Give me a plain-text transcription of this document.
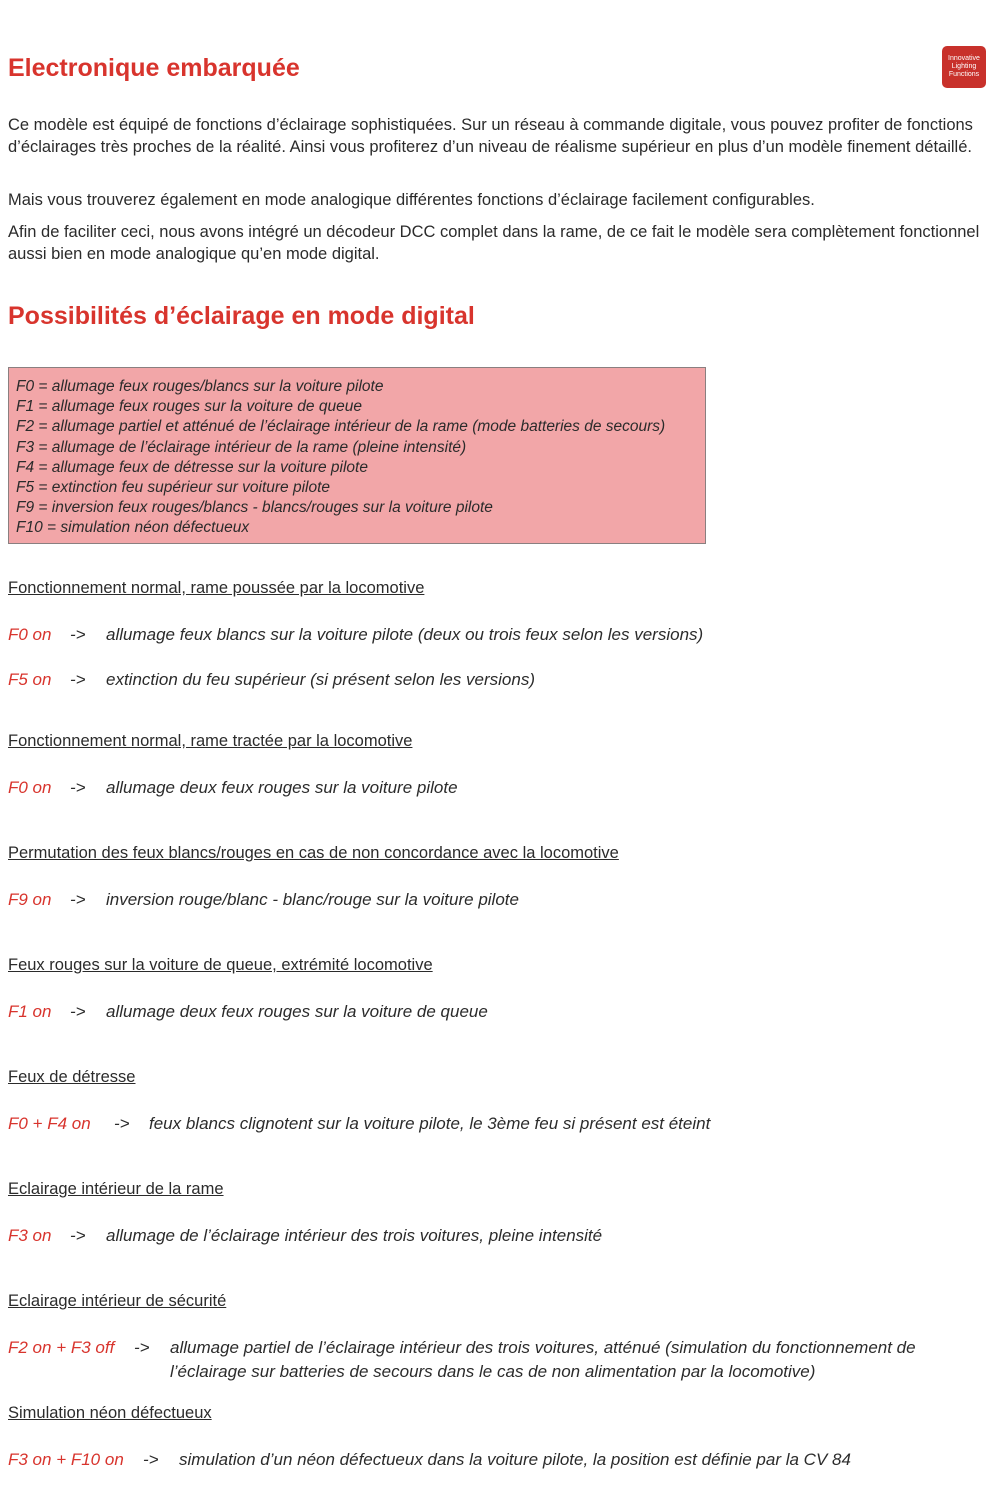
Innovative
Lighting
Functions
Electronique embarquée

Ce modèle est équipé de fonctions d’éclairage sophistiquées. Sur un réseau à commande digitale, vous pouvez profiter de fonctions d’éclairages très proches de la réalité. Ainsi vous profiterez d’un niveau de réalisme supérieur en plus d’un modèle finement détaillé.

Mais vous trouverez également en mode analogique différentes fonctions d’éclairage facilement configurables.

Afin de faciliter ceci, nous avons intégré un décodeur DCC complet dans la rame, de ce fait le modèle sera complètement fonctionnel aussi bien en mode analogique qu’en mode digital.

Possibilités d’éclairage en mode digital
F0 = allumage feux rouges/blancs sur la voiture pilote
F1 = allumage feux rouges sur la voiture de queue
F2 = allumage partiel et atténué de l’éclairage intérieur de la rame (mode batteries de secours)
F3 = allumage de l’éclairage intérieur de la rame (pleine intensité)
F4 = allumage feux de détresse sur la voiture pilote
F5 = extinction feu supérieur sur voiture pilote
F9 = inversion feux rouges/blancs - blancs/rouges sur la voiture pilote
F10 = simulation néon défectueux
Fonctionnement normal, rame poussée par la locomotive
F0 on -> allumage feux blancs sur la voiture pilote (deux ou trois feux selon les versions)
F5 on -> extinction du feu supérieur (si présent selon les versions)
Fonctionnement normal, rame tractée par la locomotive
F0 on -> allumage deux feux rouges sur la voiture pilote
Permutation des feux blancs/rouges en cas de non concordance avec la locomotive
F9 on -> inversion rouge/blanc - blanc/rouge sur la voiture pilote
Feux rouges sur la voiture de queue, extrémité locomotive
F1 on -> allumage deux feux rouges sur la voiture de queue
Feux de détresse
F0 + F4 on -> feux blancs clignotent sur la voiture pilote, le 3ème feu si présent est éteint
Eclairage intérieur de la rame
F3 on -> allumage de l’éclairage intérieur des trois voitures, pleine intensité
Eclairage intérieur de sécurité
F2 on + F3 off -> allumage partiel de l’éclairage intérieur des trois voitures, atténué (simulation du fonctionnement de l’éclairage sur batteries de secours dans le cas de non alimentation par la locomotive)
Simulation néon défectueux
F3 on + F10 on -> simulation d’un néon défectueux dans la voiture pilote, la position est définie par la CV 84
